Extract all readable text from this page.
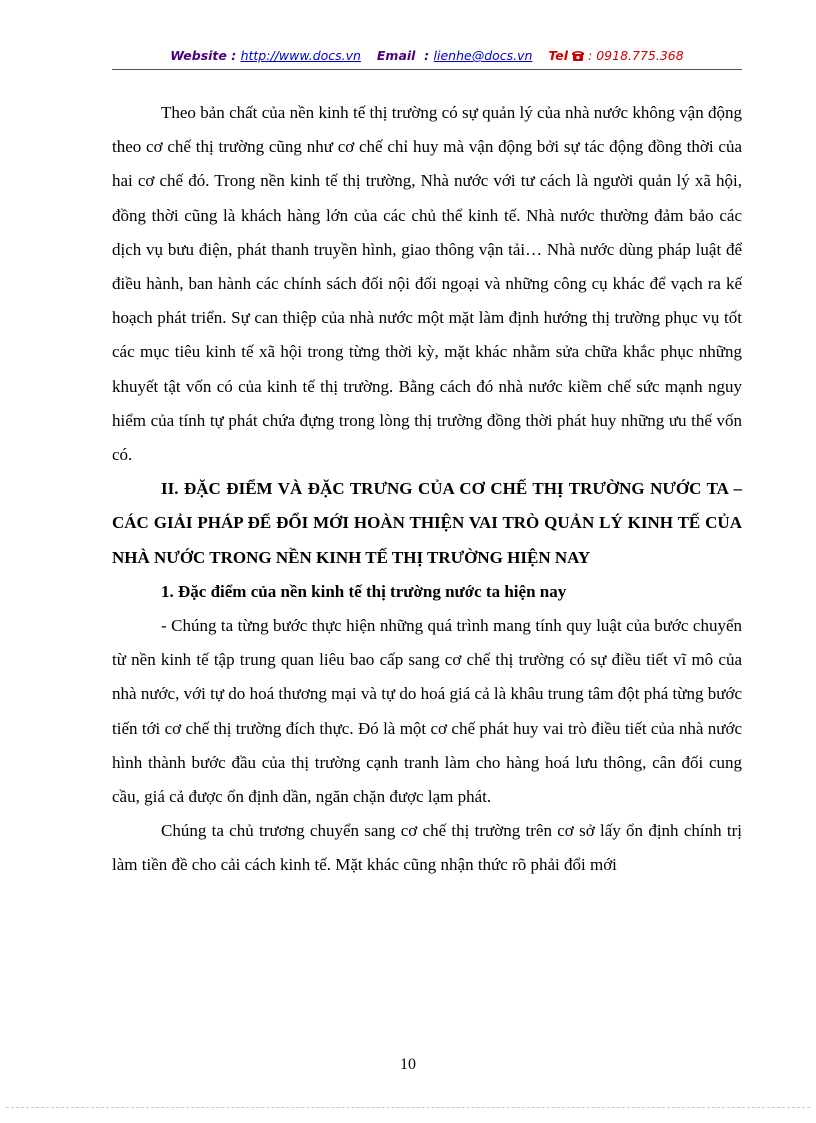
Website : http://www.docs.vn Email  : lienhe@docs.vn Tel  : 0918.775.368

Theo bản chất của nền kinh tế thị trường có sự quản lý của nhà nước không vận động theo cơ chế thị trường cũng như cơ chế chỉ huy mà vận động bởi sự tác động đồng thời của hai cơ chế đó. Trong nền kinh tế thị trường, Nhà nước với tư cách là người quản lý xã hội, đồng thời cũng là khách hàng lớn của các chủ thể kinh tế. Nhà nước thường đảm bảo các dịch vụ bưu điện, phát thanh truyền hình, giao thông vận tải… Nhà nước dùng pháp luật để điều hành, ban hành các chính sách đối nội đối ngoại và những công cụ khác để vạch ra kế hoạch phát triển. Sự can thiệp của nhà nước một mặt làm định hướng thị trường phục vụ tốt các mục tiêu kinh tế xã hội trong từng thời kỳ, mặt khác nhằm sửa chữa khắc phục những khuyết tật vốn có của kinh tế thị trường. Bằng cách đó nhà nước kiềm chế sức mạnh nguy hiểm của tính tự phát chứa đựng trong lòng thị trường đồng thời phát huy những ưu thế vốn có.

II. ĐẶC ĐIỂM VÀ ĐẶC TRƯNG CỦA CƠ CHẾ THỊ TRƯỜNG NƯỚC TA – CÁC GIẢI PHÁP ĐỂ ĐỔI MỚI HOÀN THIỆN VAI TRÒ QUẢN LÝ KINH TẾ CỦA NHÀ NƯỚC TRONG NỀN KINH TẾ THỊ TRƯỜNG HIỆN NAY

1. Đặc điểm của nền kinh tế thị trường nước ta hiện nay

- Chúng ta từng bước thực hiện những quá trình mang tính quy luật của bước chuyển từ nền kinh tế tập trung quan liêu bao cấp sang cơ chế thị trường có sự điều tiết vĩ mô của nhà nước, với tự do hoá thương mại và tự do hoá giá cả là khâu trung tâm đột phá từng bước tiến tới cơ chế thị trường đích thực. Đó là một cơ chế phát huy vai trò điều tiết của nhà nước hình thành bước đầu của thị trường cạnh tranh làm cho hàng hoá lưu thông, cân đối cung cầu, giá cả được ổn định dần, ngăn chặn được lạm phát.

Chúng ta chủ trương chuyển sang cơ chế thị trường trên cơ sở lấy ổn định chính trị làm tiền đề cho cải cách kinh tế. Mặt khác cũng nhận thức rõ phải đổi mới

10
